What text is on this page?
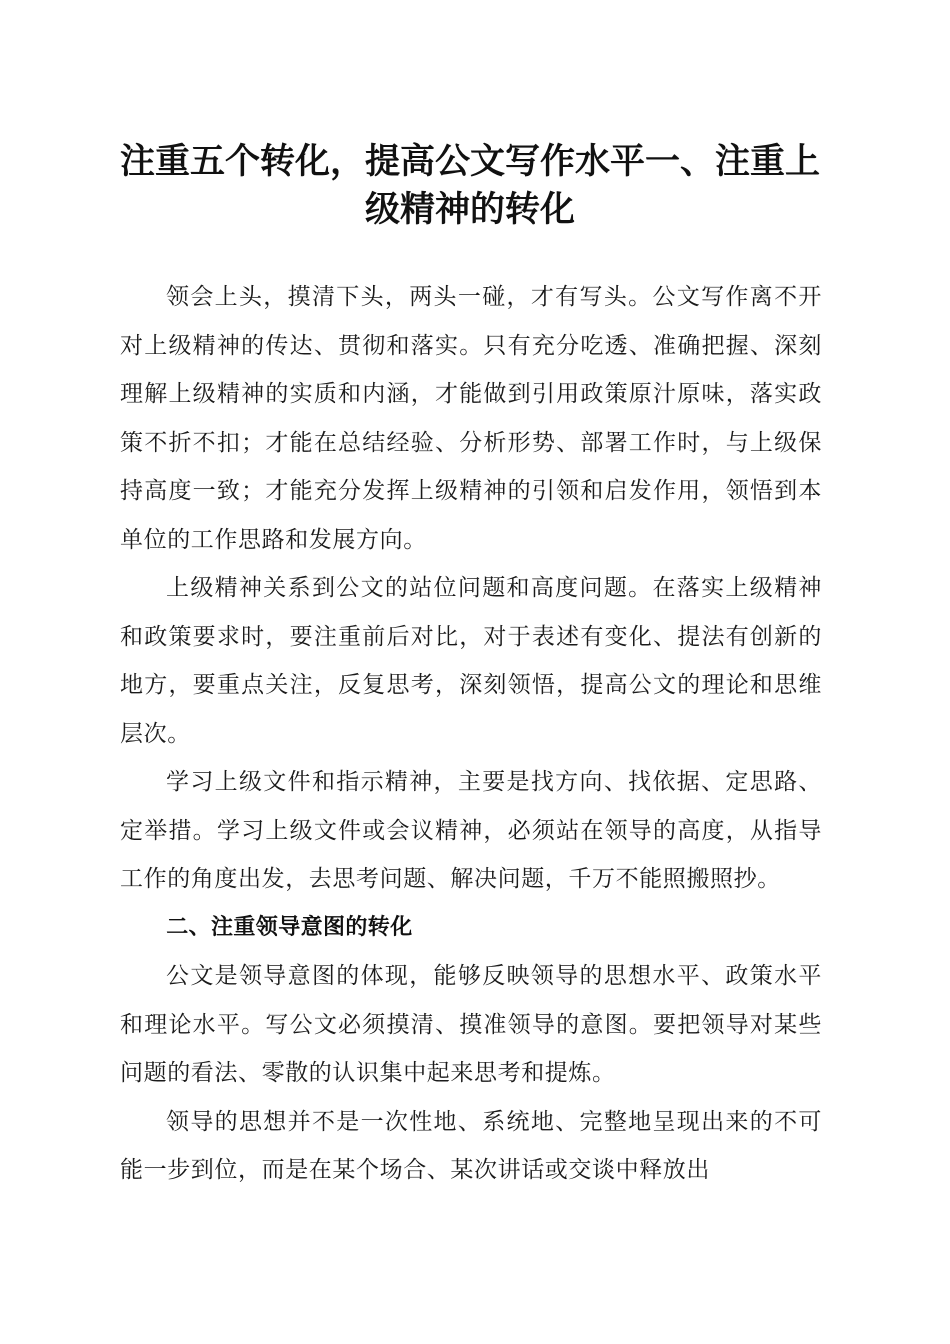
注重五个转化，提高公文写作水平一、注重上级精神的转化

领会上头，摸清下头，两头一碰，才有写头。公文写作离不开对上级精神的传达、贯彻和落实。只有充分吃透、准确把握、深刻理解上级精神的实质和内涵，才能做到引用政策原汁原味，落实政策不折不扣；才能在总结经验、分析形势、部署工作时，与上级保持高度一致；才能充分发挥上级精神的引领和启发作用，领悟到本单位的工作思路和发展方向。

上级精神关系到公文的站位问题和高度问题。在落实上级精神和政策要求时，要注重前后对比，对于表述有变化、提法有创新的地方，要重点关注，反复思考，深刻领悟，提高公文的理论和思维层次。

学习上级文件和指示精神，主要是找方向、找依据、定思路、定举措。学习上级文件或会议精神，必须站在领导的高度，从指导工作的角度出发，去思考问题、解决问题，千万不能照搬照抄。

二、注重领导意图的转化

公文是领导意图的体现，能够反映领导的思想水平、政策水平和理论水平。写公文必须摸清、摸准领导的意图。要把领导对某些问题的看法、零散的认识集中起来思考和提炼。

领导的思想并不是一次性地、系统地、完整地呈现出来的不可能一步到位，而是在某个场合、某次讲话或交谈中释放出
